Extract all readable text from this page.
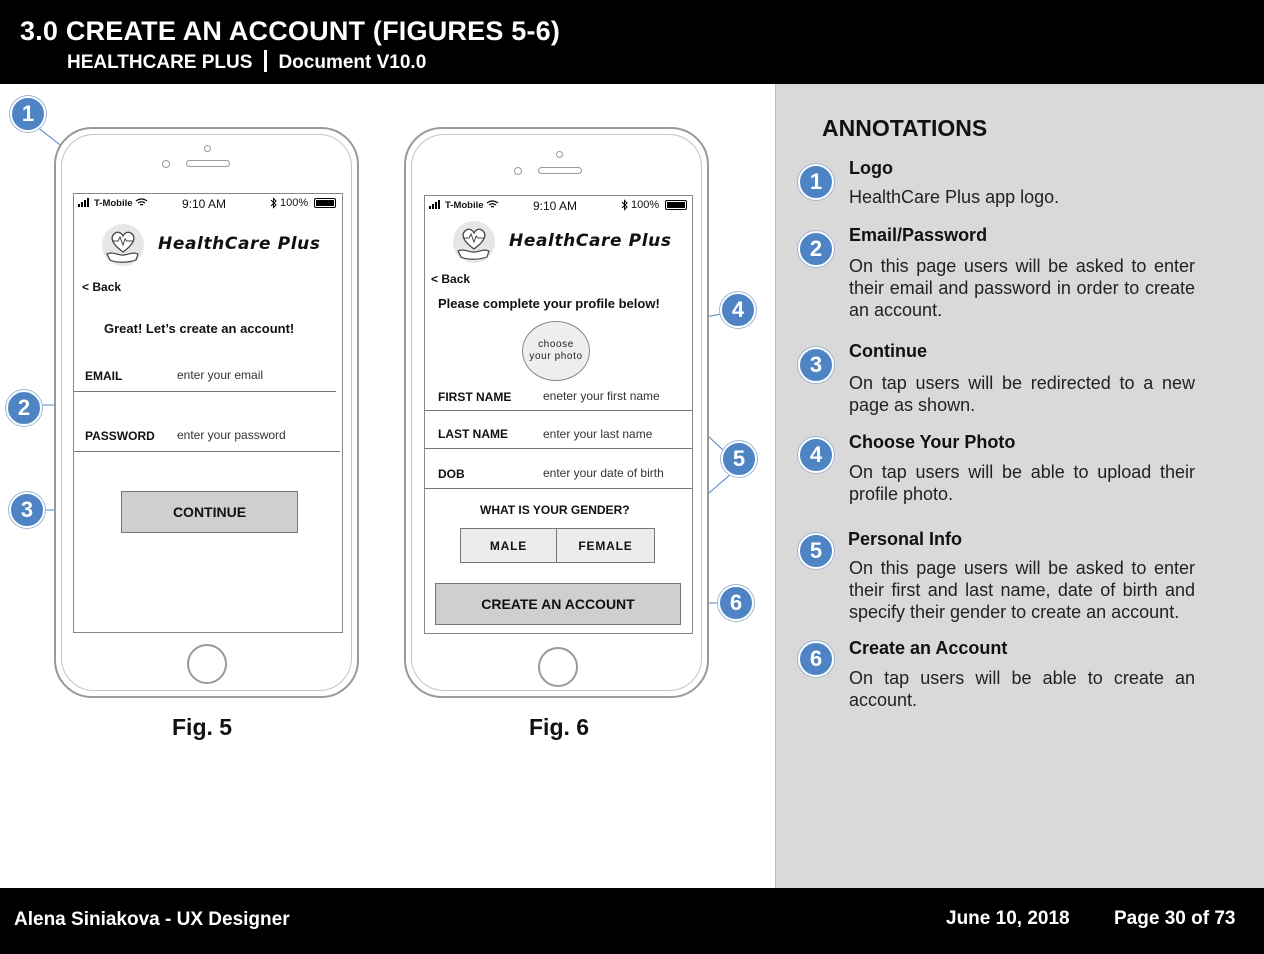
3.0 CREATE AN ACCOUNT (FIGURES 5-6)
HEALTHCARE PLUS Document V10.0
T-Mobile	9:10 AM	100%
HealthCare Plus
< Back
Great! Let’s create an account!
EMAIL	enter your email
PASSWORD enter your password
CONTINUE
T-Mobile	9:10 AM	100%
HealthCare Plus
< Back
Please complete your profile below!
choose
your photo
FIRST NAME	eneter your first name
LAST NAME	enter your last name
DOB	enter your date of birth
WHAT IS YOUR GENDER?
MALE	FEMALE
CREATE AN ACCOUNT
Fig. 5	Fig. 6
1
2
3
4
5
6
ANNOTATIONS
1
Logo
HealthCare Plus app logo.
2
Email/Password
On this page users will be asked to enter their email and password in order to create an account.
3
Continue
On tap users will be redirected to a new page as shown.
4	Choose Your Photo
On tap users will be able to upload their profile photo.
5	Personal Info
On this page users will be asked to enter their first and last name, date of birth and specify their gender to create an account.
6	Create an Account
On tap users will be able to create an account.
Alena Siniakova - UX Designer	June 10, 2018 Page 30 of 73
